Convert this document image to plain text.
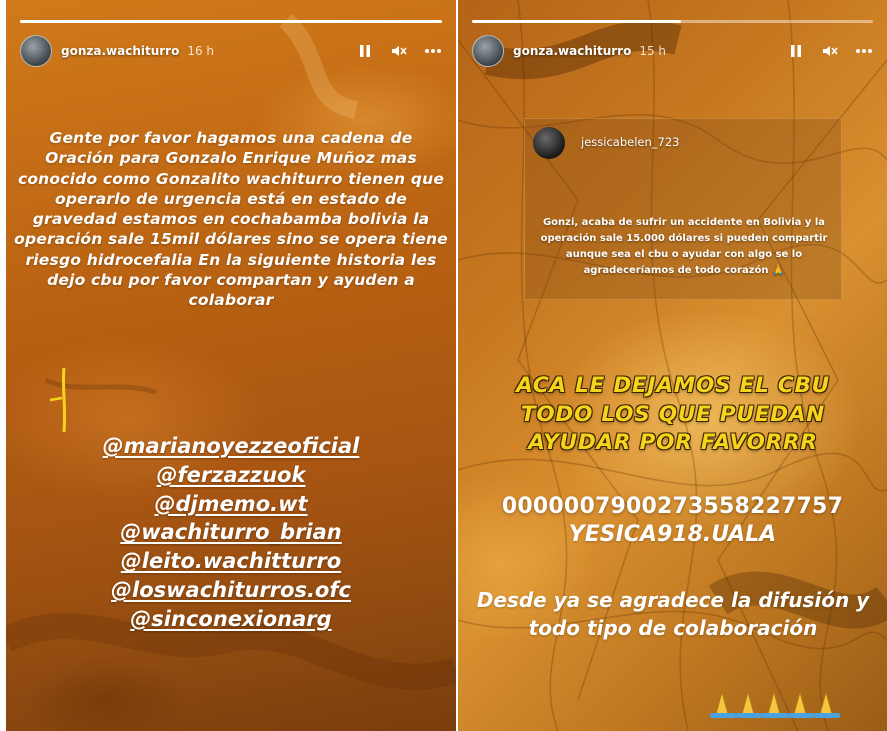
gonza.wachiturro 16 h
Gente por favor hagamos una cadena de Oración para Gonzalo Enrique Muñoz mas conocido como Gonzalito wachiturro tienen que operarlo de urgencia está en estado de gravedad estamos en cochabamba bolivia la operación sale 15mil dólares sino se opera tiene riesgo hidrocefalia En la siguiente historia les dejo cbu por favor compartan y ayuden a colaborar
@marianoyezzeoficial
@ferzazzuok
@djmemo.wt
@wachiturro_brian
@leito.wachitturro
@loswachiturros.ofc
@sinconexionarg
gonza.wachiturro 15 h
jessicabelen_723
Gonzi, acaba de sufrir un accidente en Bolivia y la operación sale 15.000 dólares si pueden compartir aunque sea el cbu o ayudar con algo se lo agradeceríamos de todo corazón 🙏
ACA LE DEJAMOS EL CBU TODO LOS QUE PUEDAN AYUDAR POR FAVORRR
0000007900273558227757
YESICA918.UALA
Desde ya se agradece la difusión y todo tipo de colaboración
